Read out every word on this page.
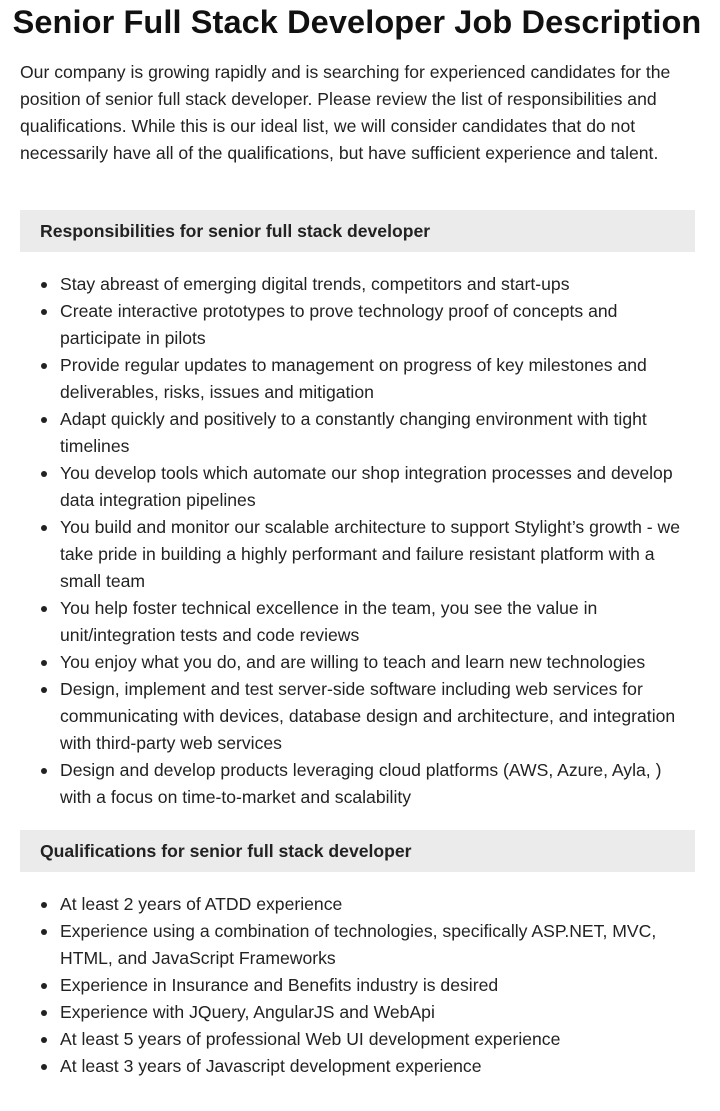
Senior Full Stack Developer Job Description

Our company is growing rapidly and is searching for experienced candidates for the position of senior full stack developer. Please review the list of responsibilities and qualifications. While this is our ideal list, we will consider candidates that do not necessarily have all of the qualifications, but have sufficient experience and talent.

Responsibilities for senior full stack developer
Stay abreast of emerging digital trends, competitors and start-ups
Create interactive prototypes to prove technology proof of concepts and participate in pilots
Provide regular updates to management on progress of key milestones and deliverables, risks, issues and mitigation
Adapt quickly and positively to a constantly changing environment with tight timelines
You develop tools which automate our shop integration processes and develop data integration pipelines
You build and monitor our scalable architecture to support Stylight’s growth - we take pride in building a highly performant and failure resistant platform with a small team
You help foster technical excellence in the team, you see the value in unit/integration tests and code reviews
You enjoy what you do, and are willing to teach and learn new technologies
Design, implement and test server-side software including web services for communicating with devices, database design and architecture, and integration with third-party web services
Design and develop products leveraging cloud platforms (AWS, Azure, Ayla, ) with a focus on time-to-market and scalability
Qualifications for senior full stack developer
At least 2 years of ATDD experience
Experience using a combination of technologies, specifically ASP.NET, MVC, HTML, and JavaScript Frameworks
Experience in Insurance and Benefits industry is desired
Experience with JQuery, AngularJS and WebApi
At least 5 years of professional Web UI development experience
At least 3 years of Javascript development experience
